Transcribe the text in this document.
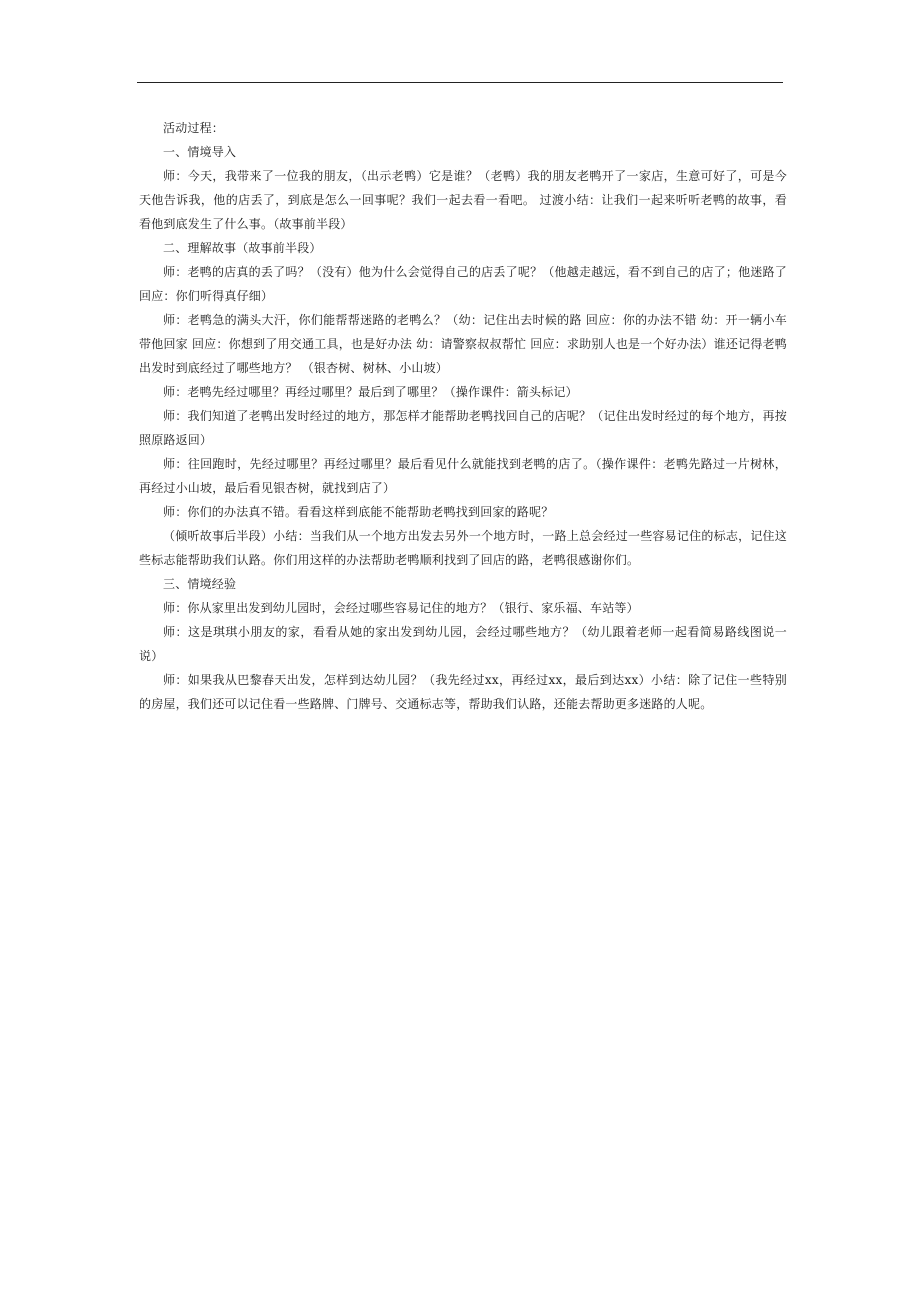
活动过程：

一、情境导入

师：今天，我带来了一位我的朋友，（出示老鸭）它是谁？（老鸭）我的朋友老鸭开了一家店，生意可好了，可是今天他告诉我，他的店丢了，到底是怎么一回事呢？我们一起去看一看吧。 过渡小结：让我们一起来听听老鸭的故事，看看他到底发生了什么事。（故事前半段）

二、理解故事（故事前半段）

师：老鸭的店真的丢了吗？（没有）他为什么会觉得自己的店丢了呢？（他越走越远，看不到自己的店了；他迷路了 回应：你们听得真仔细）

师：老鸭急的满头大汗，你们能帮帮迷路的老鸭么？（幼：记住出去时候的路 回应：你的办法不错 幼：开一辆小车带他回家 回应：你想到了用交通工具，也是好办法 幼：请警察叔叔帮忙 回应：求助别人也是一个好办法）谁还记得老鸭出发时到底经过了哪些地方？ （银杏树、树林、小山坡）

师：老鸭先经过哪里？再经过哪里？最后到了哪里？（操作课件：箭头标记）

师：我们知道了老鸭出发时经过的地方，那怎样才能帮助老鸭找回自己的店呢？（记住出发时经过的每个地方，再按照原路返回）

师：往回跑时，先经过哪里？再经过哪里？最后看见什么就能找到老鸭的店了。（操作课件：老鸭先路过一片树林，再经过小山坡，最后看见银杏树，就找到店了）

师：你们的办法真不错。看看这样到底能不能帮助老鸭找到回家的路呢？

（倾听故事后半段）小结：当我们从一个地方出发去另外一个地方时，一路上总会经过一些容易记住的标志，记住这些标志能帮助我们认路。你们用这样的办法帮助老鸭顺利找到了回店的路，老鸭很感谢你们。

三、情境经验

师：你从家里出发到幼儿园时，会经过哪些容易记住的地方？（银行、家乐福、车站等）

师：这是琪琪小朋友的家，看看从她的家出发到幼儿园，会经过哪些地方？（幼儿跟着老师一起看简易路线图说一说）

师：如果我从巴黎春天出发，怎样到达幼儿园？（我先经过xx，再经过xx，最后到达xx）小结：除了记住一些特别的房屋，我们还可以记住看一些路牌、门牌号、交通标志等，帮助我们认路，还能去帮助更多迷路的人呢。
